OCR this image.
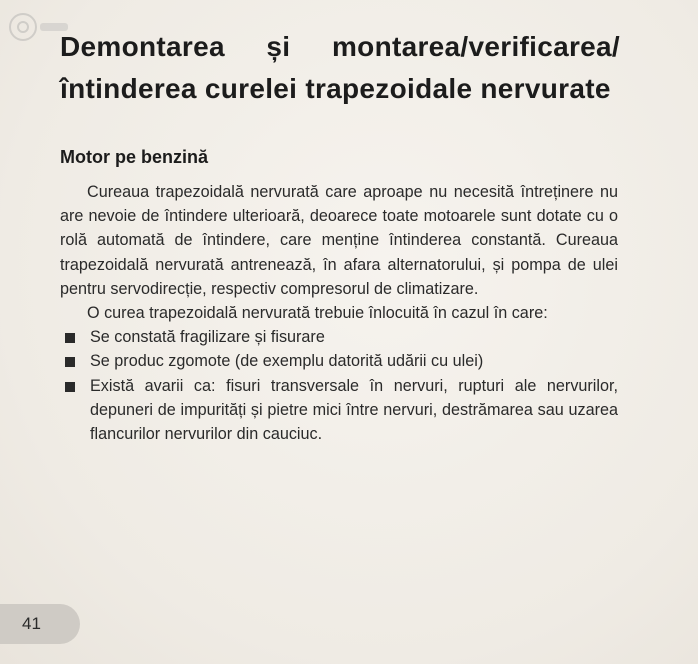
Demontarea și montarea/verificarea/întinderea curelei trapezoidale nervurate
Motor pe benzină

Cureaua trapezoidală nervurată care aproape nu necesită întreținere nu are nevoie de întindere ulterioară, deoarece toate motoarele sunt dotate cu o rolă automată de întindere, care menține întinderea constantă. Cureaua trapezoidală nervurată antrenează, în afara alternatorului, și pompa de ulei pentru servodirecție, respectiv compresorul de climatizare.

O curea trapezoidală nervurată trebuie înlocuită în cazul în care:

Se constată fragilizare și fisurare
Se produc zgomote (de exemplu datorită udării cu ulei)
Există avarii ca: fisuri transversale în nervuri, rupturi ale nervurilor, depuneri de impurități și pietre mici între nervuri, destrămarea sau uzarea flancurilor nervurilor din cauciuc.
41
